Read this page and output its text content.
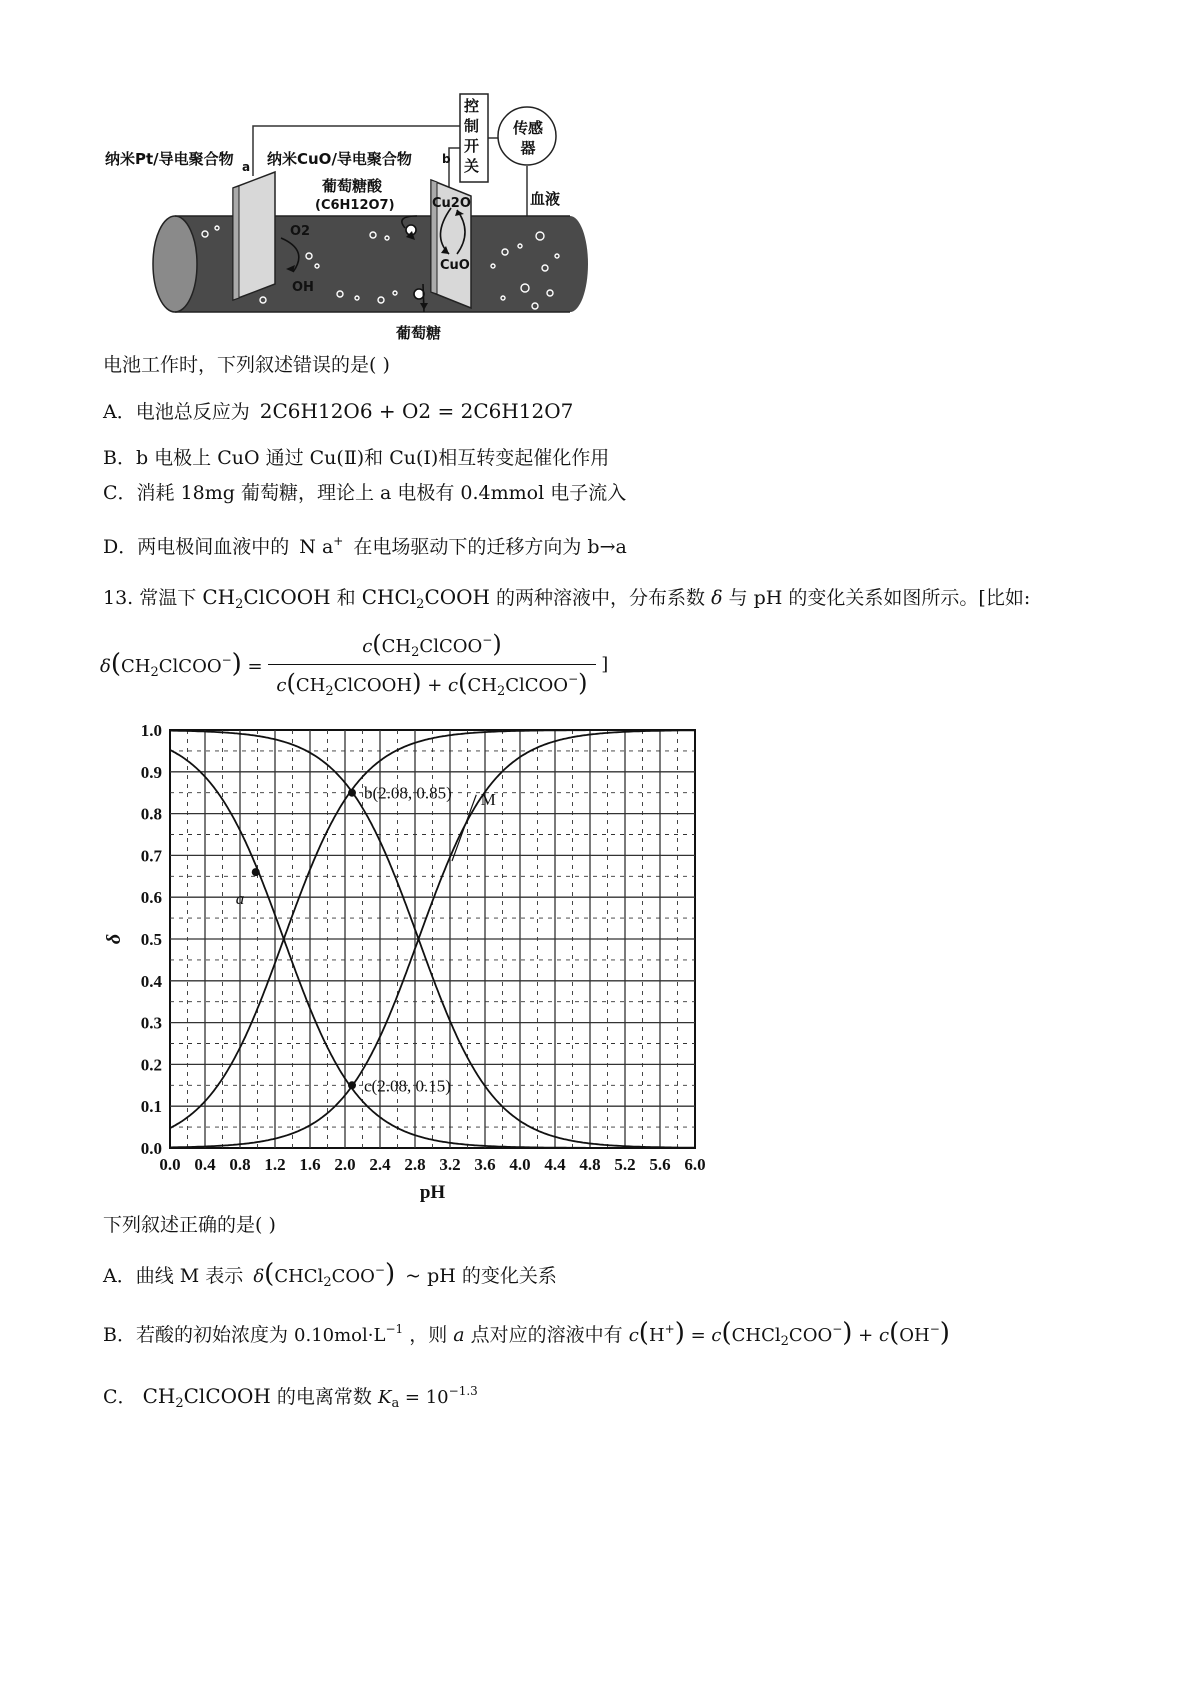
纳米Pt/导电聚合物 a 纳米CuO/导电聚合物	b
控制开关
传感器
血液
葡萄糖酸
(C6H12O7)	Cu2O
CuO
O2
OH
葡萄糖
电池工作时，下列叙述错误的是( )
A．电池总反应为 2C6H12O6 + O2 = 2C6H12O7
B．b 电极上 CuO 通过 Cu(Ⅱ)和 Cu(Ⅰ)相互转变起催化作用
C．消耗 18mg 葡萄糖，理论上 a 电极有 0.4mmol 电子流入
D．两电极间血液中的 N a+ 在电场驱动下的迁移方向为 b→a
13. 常温下 $CH_2ClCOOH$ 和 CHCl$_2$COOH 的两种溶液中，分布系数 δ 与 pH 的变化关系如图所示。[比如:
$\delta(CH_2ClCOO^-) = \frac{c(CH_2ClCOO^-)}{c(CH_2ClCOOH) + c(CH_2ClCOO^-)}$ ]
0.0 0.4 0.8 1.2 1.6 2.0 2.4 2.8 3.2 3.6 4.0 4.4 4.8 5.2 5.6 6.0
0.0
0.1
0.2
0.3
0.4
0.5
0.6
0.7
0.8
0.9
1.0
pH
δ
M
a
b(2.08, 0.85)
c(2.08, 0.15)
下列叙述正确的是( )
A．曲线 M 表示 δ(CHCl$_2$COO−) ~ pH 的变化关系
B．若酸的初始浓度为 $0.10mol\cdot L^{-1}$ ，则 a 点对应的溶液中有 c(H+) = c(CHCl$_2$COO−) + c(OH−)
C． $CH_2ClCOOH$ 的电离常数 $K_a = 10^{-1.3}$
